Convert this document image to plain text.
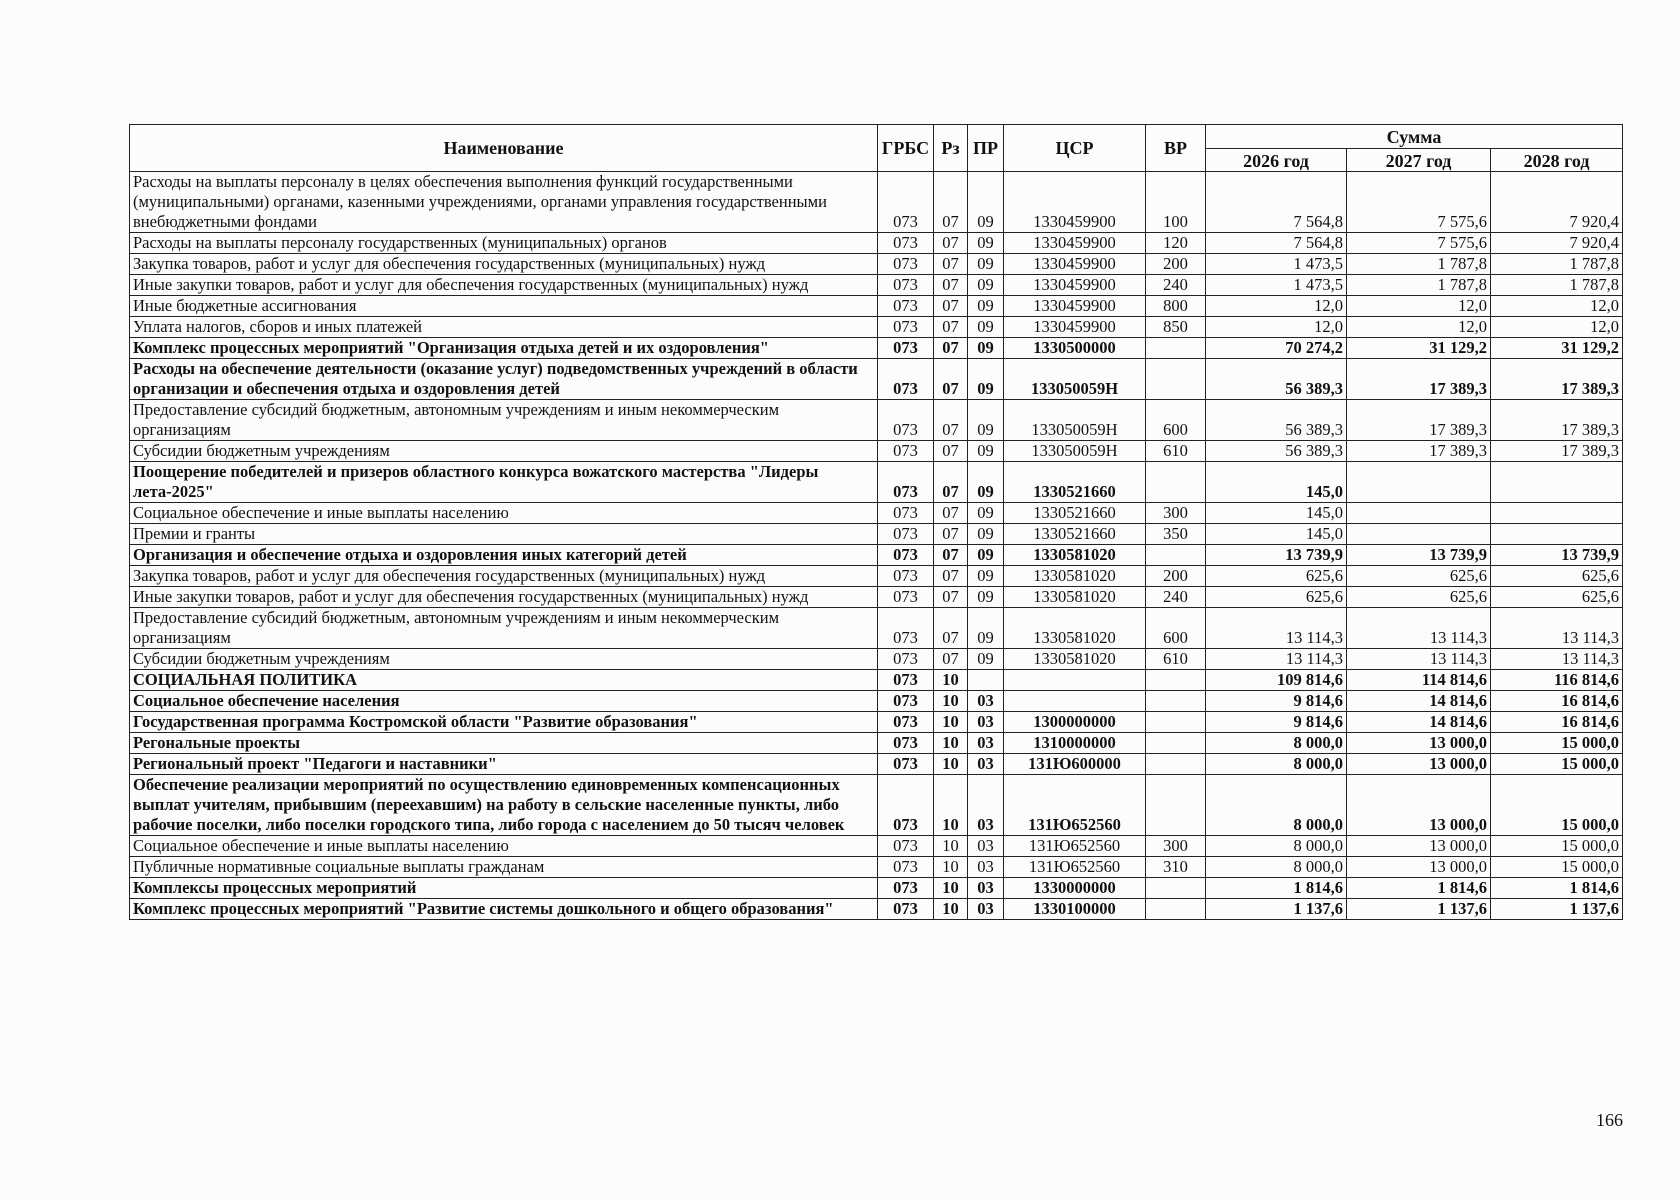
Наименование	ГРБС	Рз	ПР	ЦСР	ВР	Сумма		
						2026 год	2027 год	2028 год
Расходы на выплаты персоналу в целях обеспечения выполнения функций государственными (муниципальными) органами, казенными учреждениями, органами управления государственными внебюджетными фондами	073	07	09	1330459900	100	7 564,8	7 575,6	7 920,4
Расходы на выплаты персоналу государственных (муниципальных) органов	073	07	09	1330459900	120	7 564,8	7 575,6	7 920,4
Закупка товаров, работ и услуг для обеспечения государственных (муниципальных) нужд	073	07	09	1330459900	200	1 473,5	1 787,8	1 787,8
Иные закупки товаров, работ и услуг для обеспечения государственных (муниципальных) нужд	073	07	09	1330459900	240	1 473,5	1 787,8	1 787,8
Иные бюджетные ассигнования	073	07	09	1330459900	800	12,0	12,0	12,0
Уплата налогов, сборов и иных платежей	073	07	09	1330459900	850	12,0	12,0	12,0
Комплекс процессных мероприятий "Организация отдыха детей и их оздоровления"	073	07	09	1330500000		70 274,2	31 129,2	31 129,2
Расходы на обеспечение деятельности (оказание услуг) подведомственных учреждений в области организации и обеспечения отдыха и оздоровления детей	073	07	09	133050059Н		56 389,3	17 389,3	17 389,3
Предоставление субсидий бюджетным, автономным учреждениям и иным некоммерческим организациям	073	07	09	133050059Н	600	56 389,3	17 389,3	17 389,3
Субсидии бюджетным учреждениям	073	07	09	133050059Н	610	56 389,3	17 389,3	17 389,3
Поощерение победителей и призеров областного конкурса вожатского мастерства "Лидеры лета-2025"	073	07	09	1330521660		145,0		
Социальное обеспечение и иные выплаты населению	073	07	09	1330521660	300	145,0		
Премии и гранты	073	07	09	1330521660	350	145,0		
Организация и обеспечение отдыха и оздоровления иных категорий детей	073	07	09	1330581020		13 739,9	13 739,9	13 739,9
Закупка товаров, работ и услуг для обеспечения государственных (муниципальных) нужд	073	07	09	1330581020	200	625,6	625,6	625,6
Иные закупки товаров, работ и услуг для обеспечения государственных (муниципальных) нужд	073	07	09	1330581020	240	625,6	625,6	625,6
Предоставление субсидий бюджетным, автономным учреждениям и иным некоммерческим организациям	073	07	09	1330581020	600	13 114,3	13 114,3	13 114,3
Субсидии бюджетным учреждениям	073	07	09	1330581020	610	13 114,3	13 114,3	13 114,3
СОЦИАЛЬНАЯ ПОЛИТИКА	073	10				109 814,6	114 814,6	116 814,6
Социальное обеспечение населения	073	10	03			9 814,6	14 814,6	16 814,6
Государственная программа Костромской области "Развитие образования"	073	10	03	1300000000		9 814,6	14 814,6	16 814,6
Регональные проекты	073	10	03	1310000000		8 000,0	13 000,0	15 000,0
Региональный проект "Педагоги и наставники"	073	10	03	131Ю600000		8 000,0	13 000,0	15 000,0
Обеспечение реализации мероприятий по осуществлению единовременных компенсационных выплат учителям, прибывшим (переехавшим) на работу в сельские населенные пункты, либо рабочие поселки, либо поселки городского типа, либо города с населением до 50 тысяч человек	073	10	03	131Ю652560		8 000,0	13 000,0	15 000,0
Социальное обеспечение и иные выплаты населению	073	10	03	131Ю652560	300	8 000,0	13 000,0	15 000,0
Публичные нормативные социальные выплаты гражданам	073	10	03	131Ю652560	310	8 000,0	13 000,0	15 000,0
Комплексы процессных мероприятий	073	10	03	1330000000		1 814,6	1 814,6	1 814,6
Комплекс процессных мероприятий "Развитие системы дошкольного и общего образования"	073	10	03	1330100000		1 137,6	1 137,6	1 137,6
166
